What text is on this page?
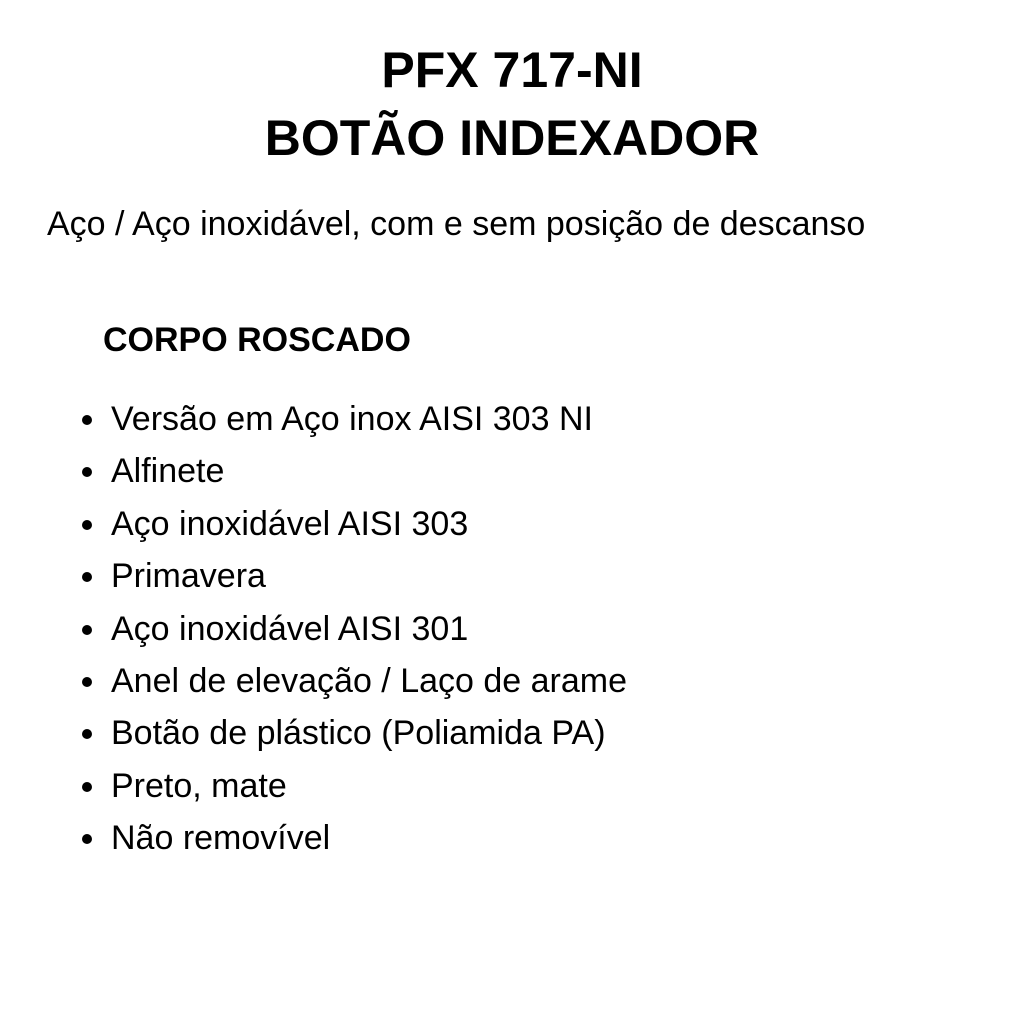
PFX 717-NI
BOTÃO INDEXADOR
Aço / Aço inoxidável, com e sem posição de descanso
CORPO ROSCADO
Versão em Aço inox AISI 303 NI
Alfinete
Aço inoxidável AISI 303
Primavera
Aço inoxidável AISI 301
Anel de elevação / Laço de arame
Botão de plástico (Poliamida PA)
Preto, mate
Não removível
